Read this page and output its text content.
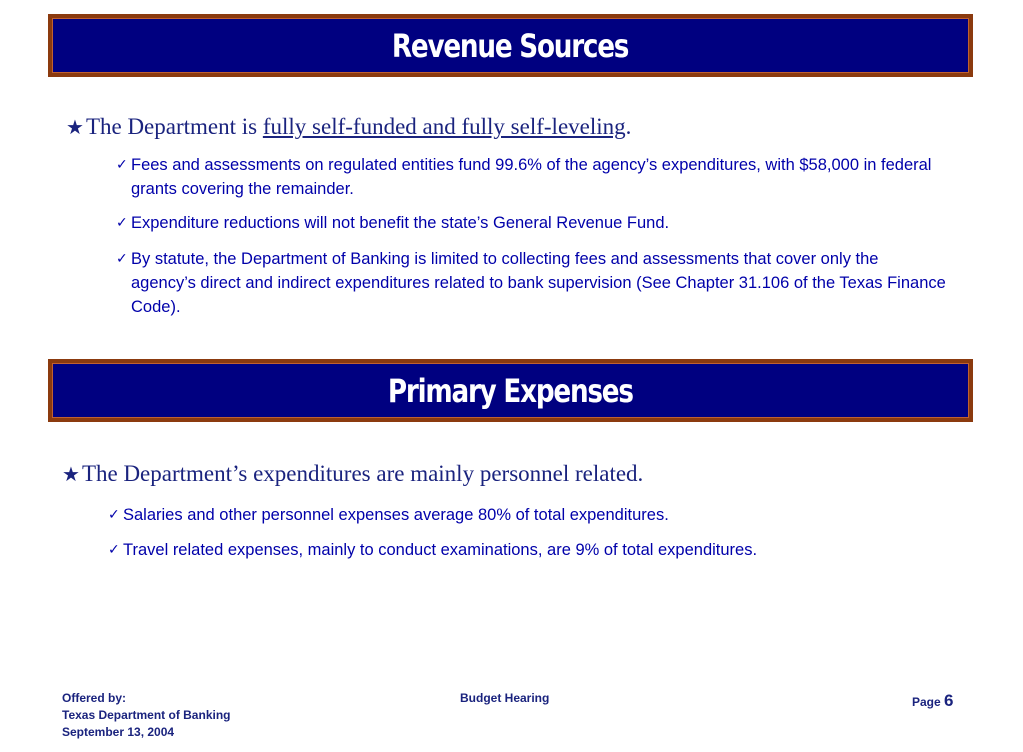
Revenue Sources
★The Department is fully self-funded and fully self-leveling.
✓ Fees and assessments on regulated entities fund 99.6% of the agency’s expenditures, with $58,000 in federal grants covering the remainder.
✓ Expenditure reductions will not benefit the state’s General Revenue Fund.
✓ By statute, the Department of Banking is limited to collecting fees and assessments that cover only the agency’s direct and indirect expenditures related to bank supervision (See Chapter 31.106 of the Texas Finance Code).
Primary Expenses
★The Department’s expenditures are mainly personnel related.
✓ Salaries and other personnel expenses average 80% of total expenditures.
✓ Travel related expenses, mainly to conduct examinations, are 9% of total expenditures.
Offered by:
Texas Department of Banking
September 13, 2004
Budget Hearing	Page 6
